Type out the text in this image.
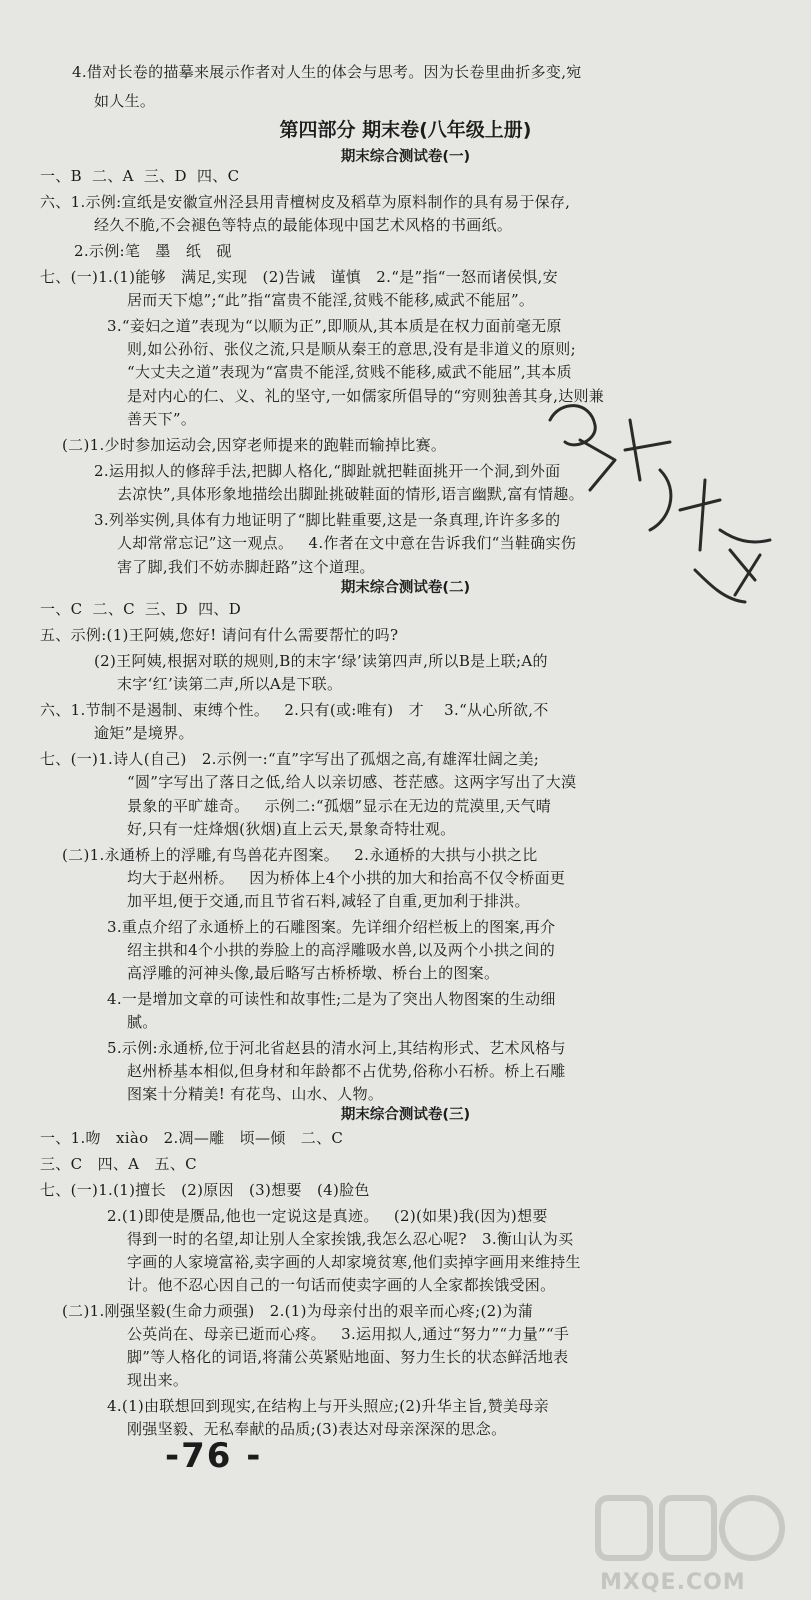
4.借对长卷的描摹来展示作者对人生的体会与思考。因为长卷里曲折多变,宛
如人生。
第四部分 期末卷(八年级上册)
期末综合测试卷(一)
一、B  二、A  三、D  四、C
六、1.示例:宣纸是安徽宣州泾县用青檀树皮及稻草为原料制作的具有易于保存,
经久不脆,不会褪色等特点的最能体现中国艺术风格的书画纸。
2.示例:笔   墨   纸   砚
七、(一)1.(1)能够   满足,实现   (2)告诫   谨慎   2.“是”指“一怒而诸侯惧,安
居而天下熄”;“此”指“富贵不能淫,贫贱不能移,威武不能屈”。
3.“妾妇之道”表现为“以顺为正”,即顺从,其本质是在权力面前毫无原
则,如公孙衍、张仪之流,只是顺从秦王的意思,没有是非道义的原则;
“大丈夫之道”表现为“富贵不能淫,贫贱不能移,威武不能屈”,其本质
是对内心的仁、义、礼的坚守,一如儒家所倡导的“穷则独善其身,达则兼
善天下”。
(二)1.少时参加运动会,因穿老师提来的跑鞋而输掉比赛。
2.运用拟人的修辞手法,把脚人格化,“脚趾就把鞋面挑开一个洞,到外面
去凉快”,具体形象地描绘出脚趾挑破鞋面的情形,语言幽默,富有情趣。
3.列举实例,具体有力地证明了“脚比鞋重要,这是一条真理,许许多多的
人却常常忘记”这一观点。   4.作者在文中意在告诉我们“当鞋确实伤
害了脚,我们不妨赤脚赶路”这个道理。
期末综合测试卷(二)
一、C  二、C  三、D  四、D
五、示例:(1)王阿姨,您好! 请问有什么需要帮忙的吗?
(2)王阿姨,根据对联的规则,B的末字‘绿’读第四声,所以B是上联;A的
末字‘红’读第二声,所以A是下联。
六、1.节制不是遏制、束缚个性。   2.只有(或:唯有)   才    3.“从心所欲,不
逾矩”是境界。
七、(一)1.诗人(自己)   2.示例一:“直”字写出了孤烟之高,有雄浑壮阔之美;
“圆”字写出了落日之低,给人以亲切感、苍茫感。这两字写出了大漠
景象的平旷雄奇。   示例二:“孤烟”显示在无边的荒漠里,天气晴
好,只有一炷烽烟(狄烟)直上云天,景象奇特壮观。
(二)1.永通桥上的浮雕,有鸟兽花卉图案。   2.永通桥的大拱与小拱之比
均大于赵州桥。   因为桥体上4个小拱的加大和抬高不仅令桥面更
加平坦,便于交通,而且节省石料,减轻了自重,更加利于排洪。
3.重点介绍了永通桥上的石雕图案。先详细介绍栏板上的图案,再介
绍主拱和4个小拱的券脸上的高浮雕吸水兽,以及两个小拱之间的
高浮雕的河神头像,最后略写古桥桥墩、桥台上的图案。
4.一是增加文章的可读性和故事性;二是为了突出人物图案的生动细
腻。
5.示例:永通桥,位于河北省赵县的清水河上,其结构形式、艺术风格与
赵州桥基本相似,但身材和年龄都不占优势,俗称小石桥。桥上石雕
图案十分精美! 有花鸟、山水、人物。
期末综合测试卷(三)
一、1.吻   xiào   2.凋—雕   顷—倾   二、C
三、C   四、A   五、C
七、(一)1.(1)擅长   (2)原因   (3)想要   (4)脸色
2.(1)即使是赝品,他也一定说这是真迹。   (2)(如果)我(因为)想要
得到一时的名望,却让别人全家挨饿,我怎么忍心呢?   3.衡山认为买
字画的人家境富裕,卖字画的人却家境贫寒,他们卖掉字画用来维持生
计。他不忍心因自己的一句话而使卖字画的人全家都挨饿受困。
(二)1.刚强坚毅(生命力顽强)   2.(1)为母亲付出的艰辛而心疼;(2)为蒲
公英尚在、母亲已逝而心疼。   3.运用拟人,通过“努力”“力量”“手
脚”等人格化的词语,将蒲公英紧贴地面、努力生长的状态鲜活地表
现出来。
4.(1)由联想回到现实,在结构上与开头照应;(2)升华主旨,赞美母亲
刚强坚毅、无私奉献的品质;(3)表达对母亲深深的思念。
-76 -
MXQE.COM
